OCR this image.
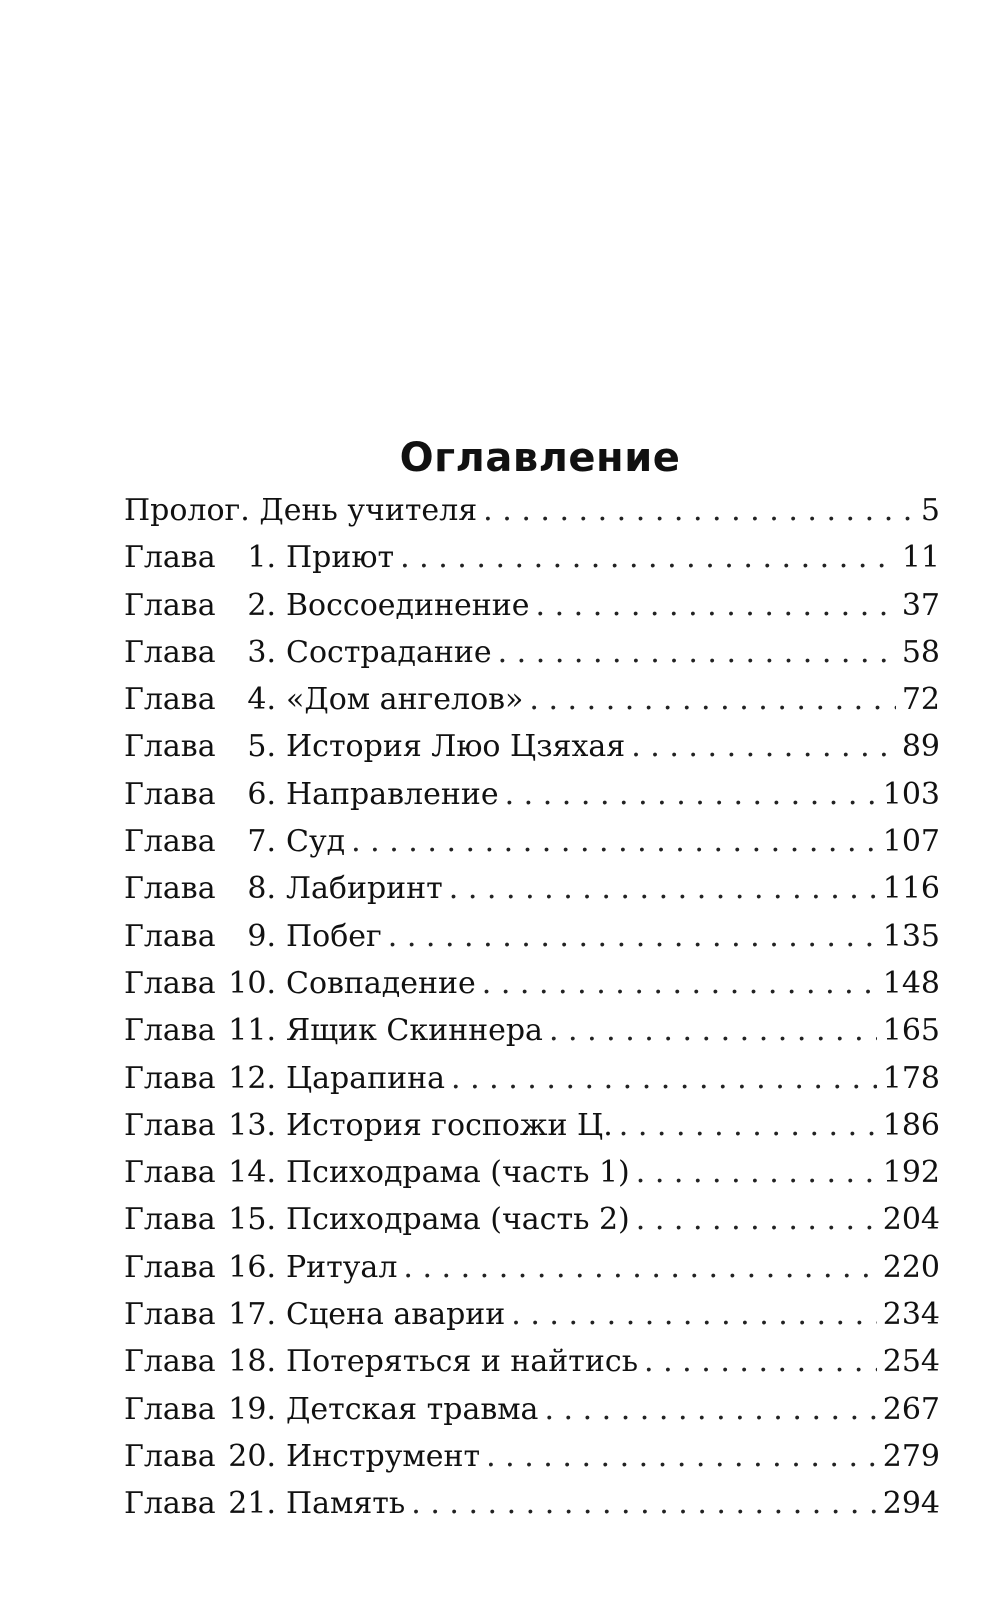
Оглавление
Пролог. День учителя . . .	5
Глава	1. Приют . . .	11
Глава	2. Воссоединение . . .	37
Глава	3. Сострадание . . .	58
Глава	4. «Дом ангелов» . . .	72
Глава	5. История Люо Цзяхая . . .	89
Глава	6. Направление . . .	103
Глава	7. Суд . . .	107
Глава	8. Лабиринт . . .	116
Глава	9. Побег . . .	135
Глава 10. Совпадение . . .	148
Глава 11. Ящик Скиннера . . .	165
Глава 12. Царапина . . .	178
Глава 13. История госпожи Ц. . . .	186
Глава 14. Психодрама (часть 1) . . .	192
Глава 15. Психодрама (часть 2) . . .	204
Глава 16. Ритуал . . .	220
Глава 17. Сцена аварии . . .	234
Глава 18. Потеряться и найтись . . .	254
Глава 19. Детская травма . . .	267
Глава 20. Инструмент . . .	279
Глава 21. Память . . .	294
